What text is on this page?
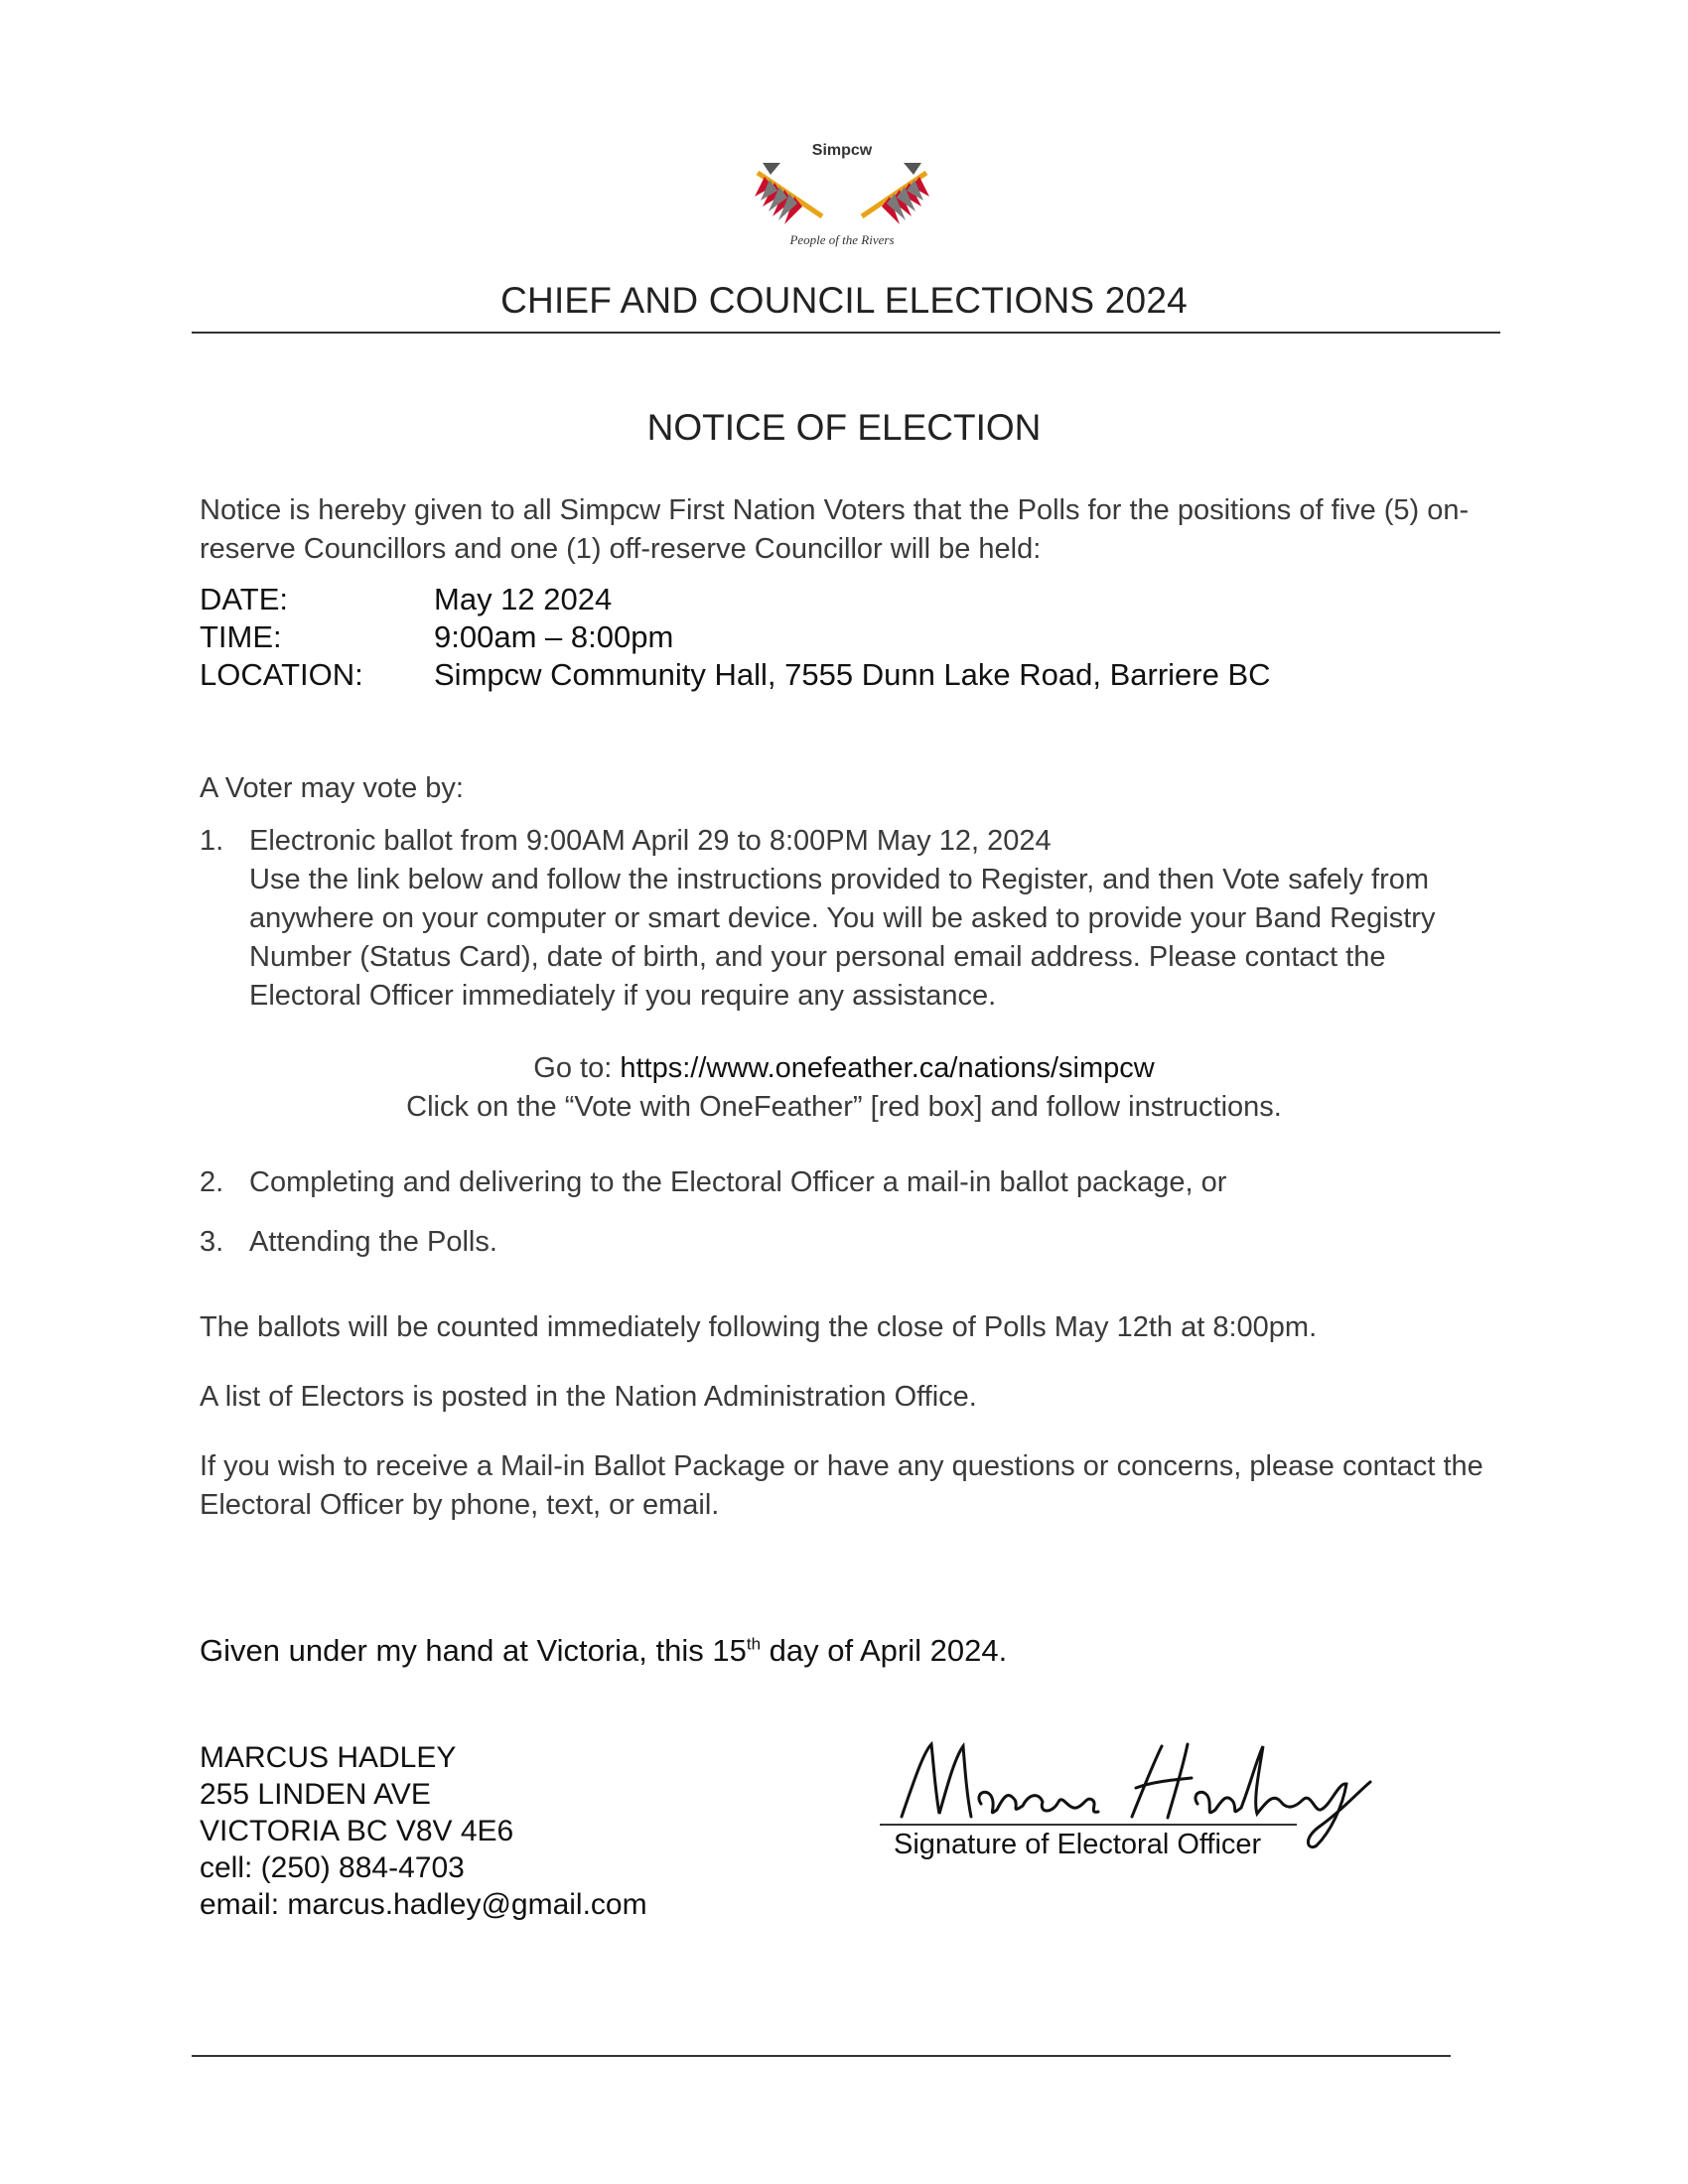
Simpcw
People of the Rivers
CHIEF AND COUNCIL ELECTIONS 2024
NOTICE OF ELECTION
Notice is hereby given to all Simpcw First Nation Voters that the Polls for the positions of five (5) on-reserve Councillors and one (1) off-reserve Councillor will be held:
DATE:	May 12 2024
TIME:	9:00am – 8:00pm
LOCATION:	Simpcw Community Hall, 7555 Dunn Lake Road, Barriere BC
A Voter may vote by:
1. Electronic ballot from 9:00AM April 29 to 8:00PM May 12, 2024
Use the link below and follow the instructions provided to Register, and then Vote safely from anywhere on your computer or smart device. You will be asked to provide your Band Registry Number (Status Card), date of birth, and your personal email address. Please contact the Electoral Officer immediately if you require any assistance.
Go to: https://www.onefeather.ca/nations/simpcw
Click on the “Vote with OneFeather” [red box] and follow instructions.
2. Completing and delivering to the Electoral Officer a mail-in ballot package, or
3. Attending the Polls.
The ballots will be counted immediately following the close of Polls May 12th at 8:00pm.
A list of Electors is posted in the Nation Administration Office.
If you wish to receive a Mail-in Ballot Package or have any questions or concerns, please contact the Electoral Officer by phone, text, or email.
Given under my hand at Victoria, this 15th day of April 2024.
MARCUS HADLEY
255 LINDEN AVE
VICTORIA BC V8V 4E6
cell: (250) 884-4703
email: marcus.hadley@gmail.com
Signature of Electoral Officer
